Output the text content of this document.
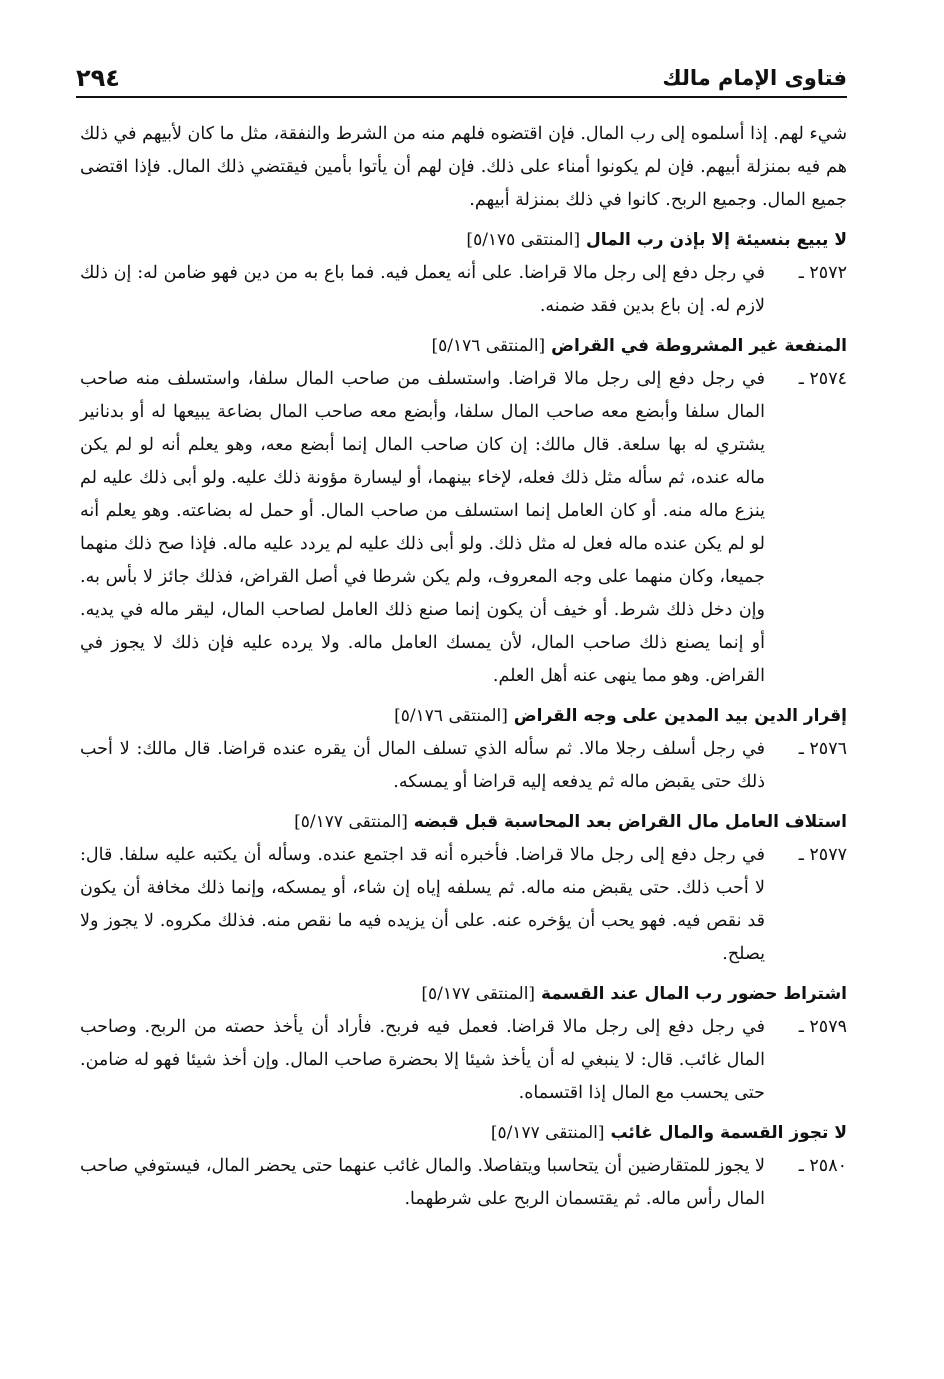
فتاوى الإمام مالك
٢٩٤

شيء لهم. إذا أسلموه إلى رب المال. فإن اقتضوه فلهم منه من الشرط والنفقة، مثل ما كان لأبيهم في ذلك هم فيه بمنزلة أبيهم. فإن لم يكونوا أمناء على ذلك. فإن لهم أن يأتوا بأمين فيقتضي ذلك المال. فإذا اقتضى جميع المال. وجميع الربح. كانوا في ذلك بمنزلة أبيهم.

لا يبيع بنسيئة إلا بإذن رب المال [المنتقى ٥/١٧٥]
٢٥٧٢ ـ
في رجل دفع إلى رجل مالا قراضا. على أنه يعمل فيه. فما باع به من دين فهو ضامن له: إن ذلك لازم له. إن باع بدين فقد ضمنه.
المنفعة غير المشروطة في القراض [المنتقى ٥/١٧٦]
٢٥٧٤ ـ
في رجل دفع إلى رجل مالا قراضا. واستسلف من صاحب المال سلفا، واستسلف منه صاحب المال سلفا وأبضع معه صاحب المال سلفا، وأبضع معه صاحب المال بضاعة يبيعها له أو بدنانير يشتري له بها سلعة. قال مالك: إن كان صاحب المال إنما أبضع معه، وهو يعلم أنه لو لم يكن ماله عنده، ثم سأله مثل ذلك فعله، لإخاء بينهما، أو ليسارة مؤونة ذلك عليه. ولو أبى ذلك عليه لم ينزع ماله منه. أو كان العامل إنما استسلف من صاحب المال. أو حمل له بضاعته. وهو يعلم أنه لو لم يكن عنده ماله فعل له مثل ذلك. ولو أبى ذلك عليه لم يردد عليه ماله. فإذا صح ذلك منهما جميعا، وكان منهما على وجه المعروف، ولم يكن شرطا في أصل القراض، فذلك جائز لا بأس به. وإن دخل ذلك شرط. أو خيف أن يكون إنما صنع ذلك العامل لصاحب المال، ليقر ماله في يديه. أو إنما يصنع ذلك صاحب المال، لأن يمسك العامل ماله. ولا يرده عليه فإن ذلك لا يجوز في القراض. وهو مما ينهى عنه أهل العلم.
إقرار الدين بيد المدين على وجه القراض [المنتقى ٥/١٧٦]
٢٥٧٦ ـ
في رجل أسلف رجلا مالا. ثم سأله الذي تسلف المال أن يقره عنده قراضا. قال مالك: لا أحب ذلك حتى يقبض ماله ثم يدفعه إليه قراضا أو يمسكه.
استلاف العامل مال القراض بعد المحاسبة قبل قبضه [المنتقى ٥/١٧٧]
٢٥٧٧ ـ
في رجل دفع إلى رجل مالا قراضا. فأخبره أنه قد اجتمع عنده. وسأله أن يكتبه عليه سلفا. قال: لا أحب ذلك. حتى يقبض منه ماله. ثم يسلفه إياه إن شاء، أو يمسكه، وإنما ذلك مخافة أن يكون قد نقص فيه. فهو يحب أن يؤخره عنه. على أن يزيده فيه ما نقص منه. فذلك مكروه. لا يجوز ولا يصلح.
اشتراط حضور رب المال عند القسمة [المنتقى ٥/١٧٧]
٢٥٧٩ ـ
في رجل دفع إلى رجل مالا قراضا. فعمل فيه فربح. فأراد أن يأخذ حصته من الربح. وصاحب المال غائب. قال: لا ينبغي له أن يأخذ شيئا إلا بحضرة صاحب المال. وإن أخذ شيئا فهو له ضامن. حتى يحسب مع المال إذا اقتسماه.
لا تجوز القسمة والمال غائب [المنتقى ٥/١٧٧]
٢٥٨٠ ـ
لا يجوز للمتقارضين أن يتحاسبا ويتفاصلا. والمال غائب عنهما حتى يحضر المال، فيستوفي صاحب المال رأس ماله. ثم يقتسمان الربح على شرطهما.
